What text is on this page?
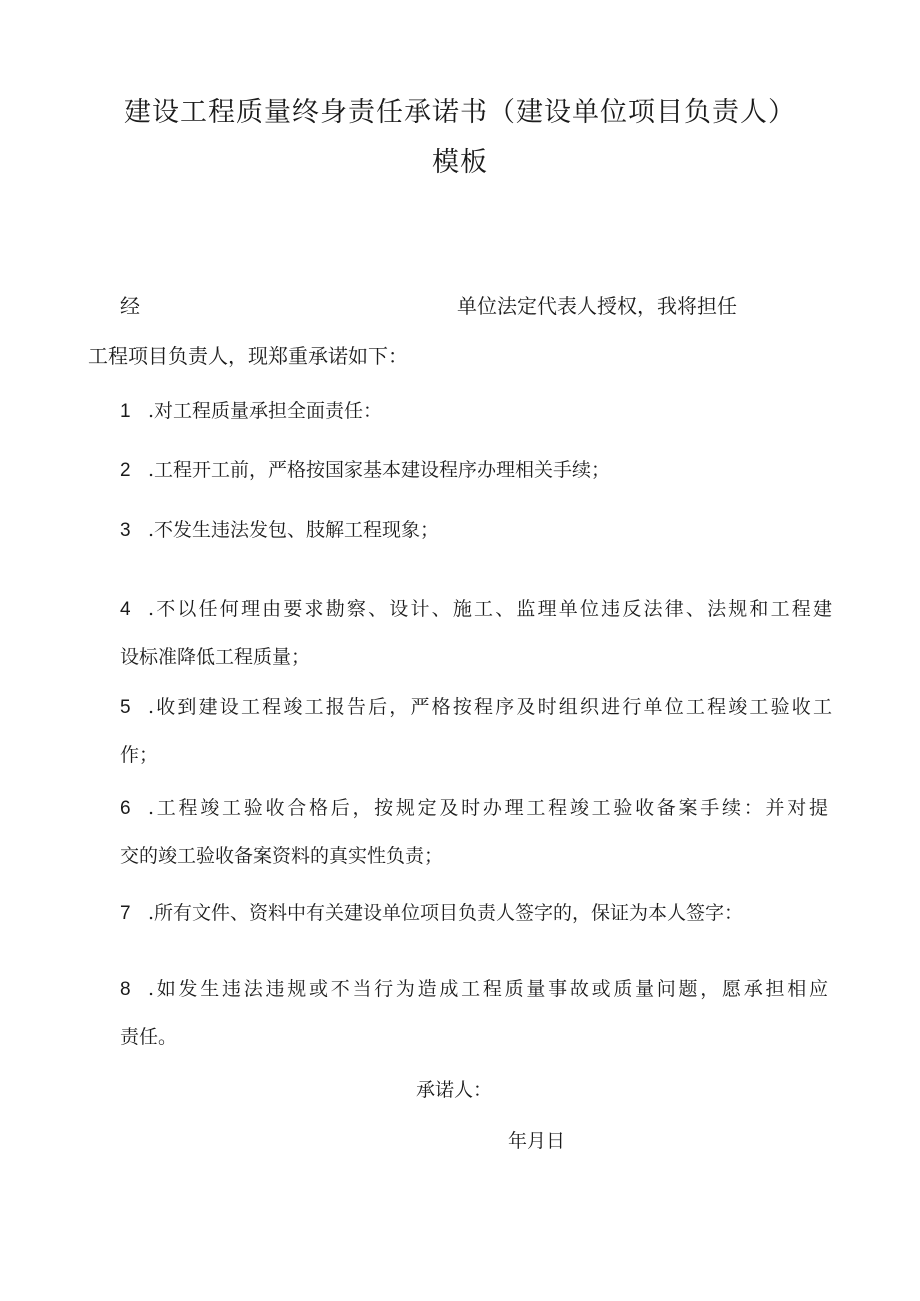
建设工程质量终身责任承诺书（建设单位项目负责人）
模板
经	单位法定代表人授权，我将担任
工程项目负责人，现郑重承诺如下：
1 .对工程质量承担全面责任：
2 .工程开工前，严格按国家基本建设程序办理相关手续；
3 .不发生违法发包、肢解工程现象；
4 .不以任何理由要求勘察、设计、施工、监理单位违反法律、法规和工程建
设标准降低工程质量；
5 .收到建设工程竣工报告后，严格按程序及时组织进行单位工程竣工验收工
作；
6 .工程竣工验收合格后，按规定及时办理工程竣工验收备案手续：并对提
交的竣工验收备案资料的真实性负责；
7 .所有文件、资料中有关建设单位项目负责人签字的，保证为本人签字：
8 .如发生违法违规或不当行为造成工程质量事故或质量问题，愿承担相应
责任。
承诺人：
年月日
